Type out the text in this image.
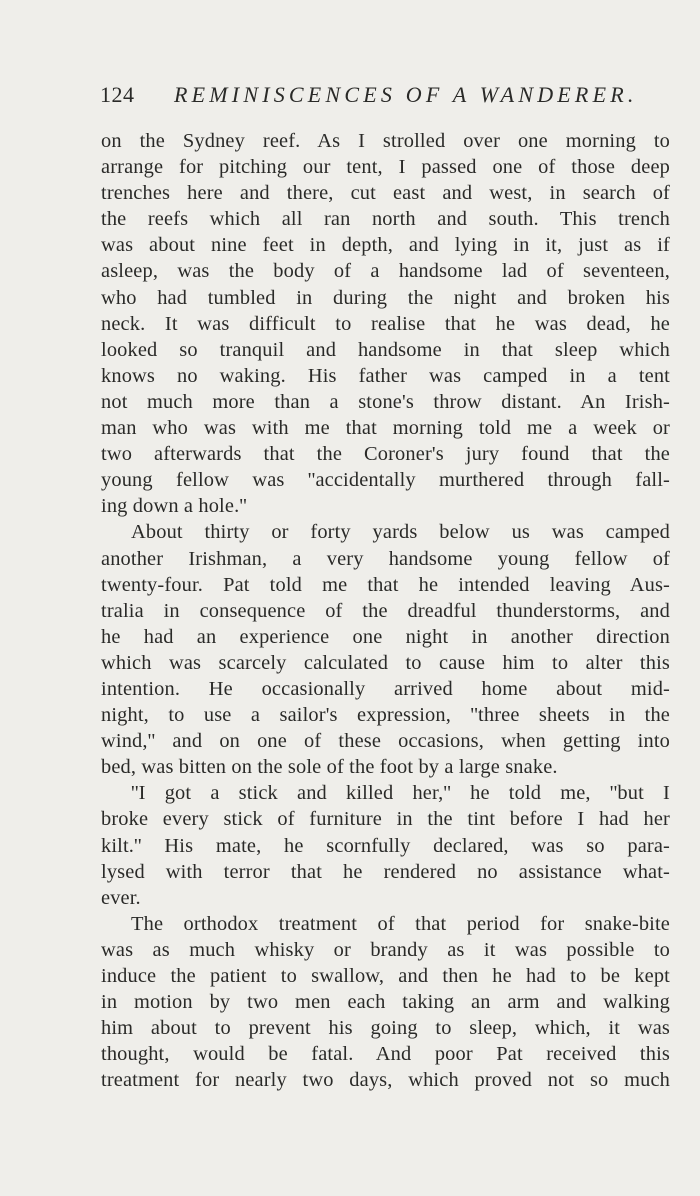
124 REMINISCENCES OF A WANDERER.
on the Sydney reef. As I strolled over one morning to
arrange for pitching our tent, I passed one of those deep
trenches here and there, cut east and west, in search of
the reefs which all ran north and south. This trench
was about nine feet in depth, and lying in it, just as if
asleep, was the body of a handsome lad of seventeen,
who had tumbled in during the night and broken his
neck. It was difficult to realise that he was dead, he
looked so tranquil and handsome in that sleep which
knows no waking. His father was camped in a tent
not much more than a stone's throw distant. An Irish-
man who was with me that morning told me a week or
two afterwards that the Coroner's jury found that the
young fellow was ''accidentally murthered through fall-
ing down a hole.''
About thirty or forty yards below us was camped
another Irishman, a very handsome young fellow of
twenty-four. Pat told me that he intended leaving Aus-
tralia in consequence of the dreadful thunderstorms, and
he had an experience one night in another direction
which was scarcely calculated to cause him to alter this
intention. He occasionally arrived home about mid-
night, to use a sailor's expression, ''three sheets in the
wind,'' and on one of these occasions, when getting into
bed, was bitten on the sole of the foot by a large snake.
''I got a stick and killed her,'' he told me, ''but I
broke every stick of furniture in the tint before I had her
kilt.'' His mate, he scornfully declared, was so para-
lysed with terror that he rendered no assistance what-
ever.
The orthodox treatment of that period for snake-bite
was as much whisky or brandy as it was possible to
induce the patient to swallow, and then he had to be kept
in motion by two men each taking an arm and walking
him about to prevent his going to sleep, which, it was
thought, would be fatal. And poor Pat received this
treatment for nearly two days, which proved not so much
